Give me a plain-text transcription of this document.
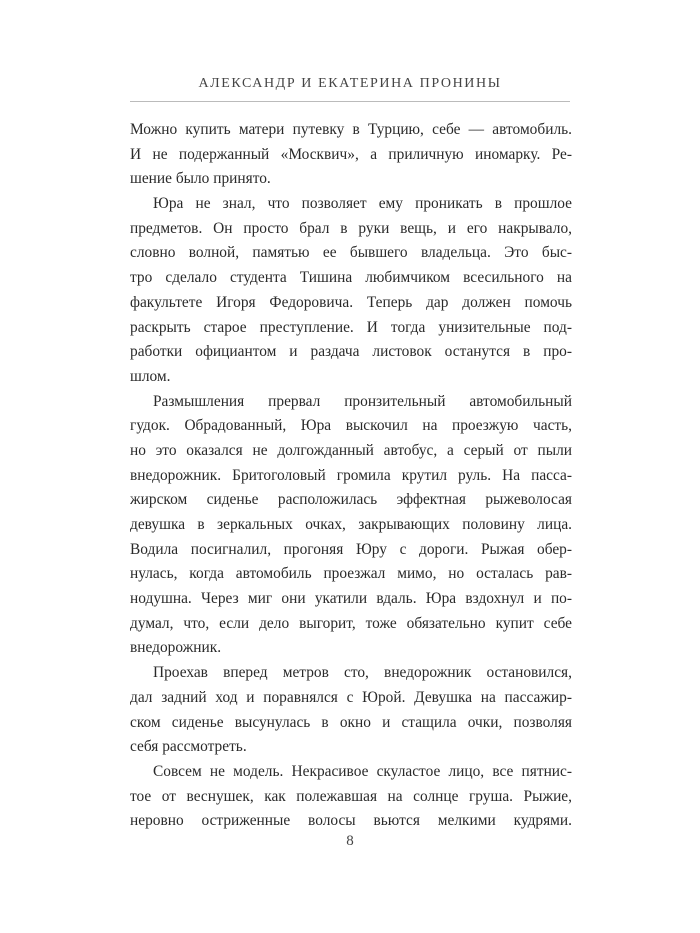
АЛЕКСАНДР И ЕКАТЕРИНА ПРОНИНЫ
Можно купить матери путевку в Турцию, себе — автомобиль.
И не подержанный «Москвич», а приличную иномарку. Ре-
шение было принято.
Юра не знал, что позволяет ему проникать в прошлое
предметов. Он просто брал в руки вещь, и его накрывало,
словно волной, памятью ее бывшего владельца. Это быс-
тро сделало студента Тишина любимчиком всесильного на
факультете Игоря Федоровича. Теперь дар должен помочь
раскрыть старое преступление. И тогда унизительные под-
работки официантом и раздача листовок останутся в про-
шлом.
Размышления прервал пронзительный автомобильный
гудок. Обрадованный, Юра выскочил на проезжую часть,
но это оказался не долгожданный автобус, а серый от пыли
внедорожник. Бритоголовый громила крутил руль. На пасса-
жирском сиденье расположилась эффектная рыжеволосая
девушка в зеркальных очках, закрывающих половину лица.
Водила посигналил, прогоняя Юру с дороги. Рыжая обер-
нулась, когда автомобиль проезжал мимо, но осталась рав-
нодушна. Через миг они укатили вдаль. Юра вздохнул и по-
думал, что, если дело выгорит, тоже обязательно купит себе
внедорожник.
Проехав вперед метров сто, внедорожник остановился,
дал задний ход и поравнялся с Юрой. Девушка на пассажир-
ском сиденье высунулась в окно и стащила очки, позволяя
себя рассмотреть.
Совсем не модель. Некрасивое скуластое лицо, все пятнис-
тое от веснушек, как полежавшая на солнце груша. Рыжие,
неровно остриженные волосы вьются мелкими кудрями.
8
